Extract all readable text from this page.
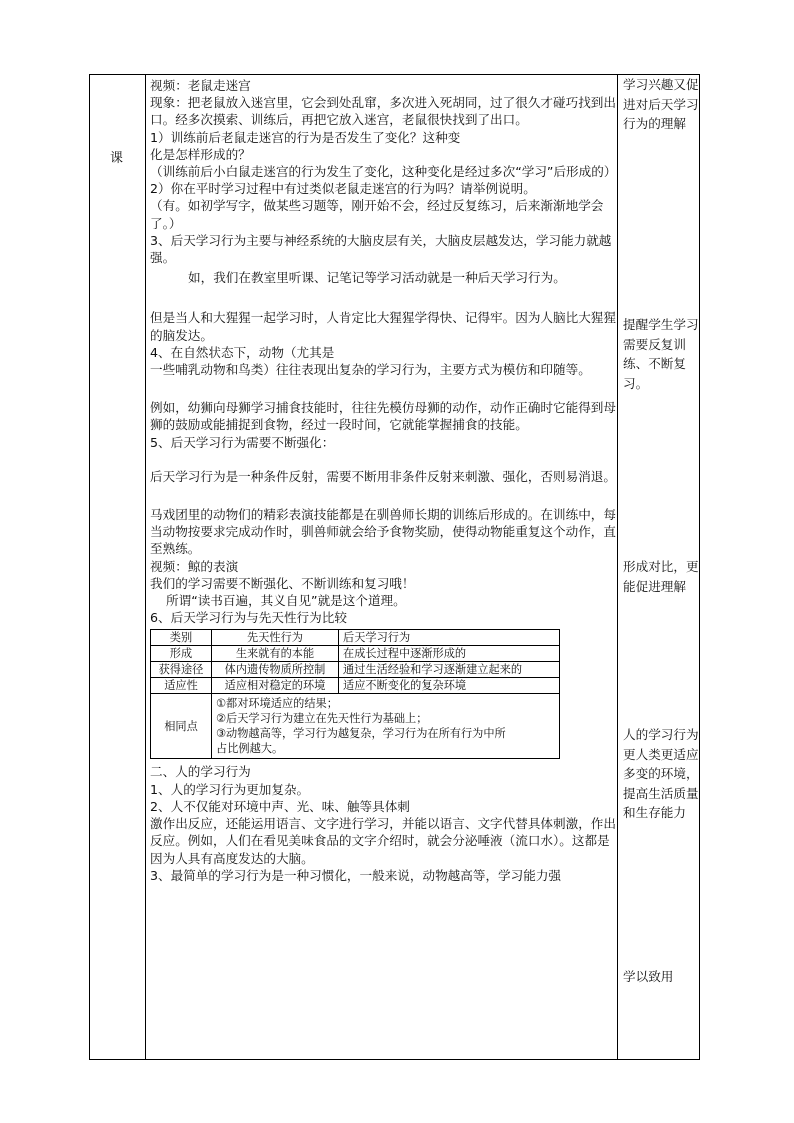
课

视频：老鼠走迷宫

现象：把老鼠放入迷宫里，它会到处乱窜，多次进入死胡同，过了很久才碰巧找到出口。经多次摸索、训练后，再把它放入迷宫，老鼠很快找到了出口。

1）训练前后老鼠走迷宫的行为是否发生了变化？这种变

化是怎样形成的？

（训练前后小白鼠走迷宫的行为发生了变化，这种变化是经过多次“学习”后形成的）

2）你在平时学习过程中有过类似老鼠走迷宫的行为吗？请举例说明。

（有。如初学写字，做某些习题等，刚开始不会，经过反复练习，后来渐渐地学会了。）

3、后天学习行为主要与神经系统的大脑皮层有关，大脑皮层越发达，学习能力就越强。

如，我们在教室里听课、记笔记等学习活动就是一种后天学习行为。

但是当人和大猩猩一起学习时，人肯定比大猩猩学得快、记得牢。因为人脑比大猩猩的脑发达。

4、在自然状态下，动物（尤其是

一些哺乳动物和鸟类）往往表现出复杂的学习行为，主要方式为模仿和印随等。

例如，幼狮向母狮学习捕食技能时，往往先模仿母狮的动作，动作正确时它能得到母狮的鼓励或能捕捉到食物，经过一段时间，它就能掌握捕食的技能。

5、后天学习行为需要不断强化：

后天学习行为是一种条件反射，需要不断用非条件反射来刺激、强化，否则易消退。

马戏团里的动物们的精彩表演技能都是在驯兽师长期的训练后形成的。在训练中，每当动物按要求完成动作时，驯兽师就会给予食物奖励，使得动物能重复这个动作，直至熟练。

视频：鲸的表演

我们的学习需要不断强化、不断训练和复习哦！

所谓“读书百遍，其义自见”就是这个道理。

6、后天学习行为与先天性行为比较

类别	先天性行为	后天学习行为
形成	生来就有的本能	在成长过程中逐渐形成的
获得途径	体内遗传物质所控制	通过生活经验和学习逐渐建立起来的
适应性	适应相对稳定的环境	适应不断变化的复杂环境
相同点	①都对环境适应的结果；
②后天学习行为建立在先天性行为基础上；
③动物越高等，学习行为越复杂，学习行为在所有行为中所
占比例越大。	

二、人的学习行为

1、人的学习行为更加复杂。

2、人不仅能对环境中声、光、味、触等具体刺

激作出反应，还能运用语言、文字进行学习，并能以语言、文字代替具体刺激，作出反应。例如，人们在看见美味食品的文字介绍时，就会分泌唾液（流口水）。这都是因为人具有高度发达的大脑。

3、最简单的学习行为是一种习惯化，一般来说，动物越高等，学习能力强

学习兴趣又促进对后天学习行为的理解
提醒学生学习需要反复训练、不断复习。
形成对比，更能促进理解
人的学习行为更人类更适应多变的环境，提高生活质量和生存能力
学以致用
